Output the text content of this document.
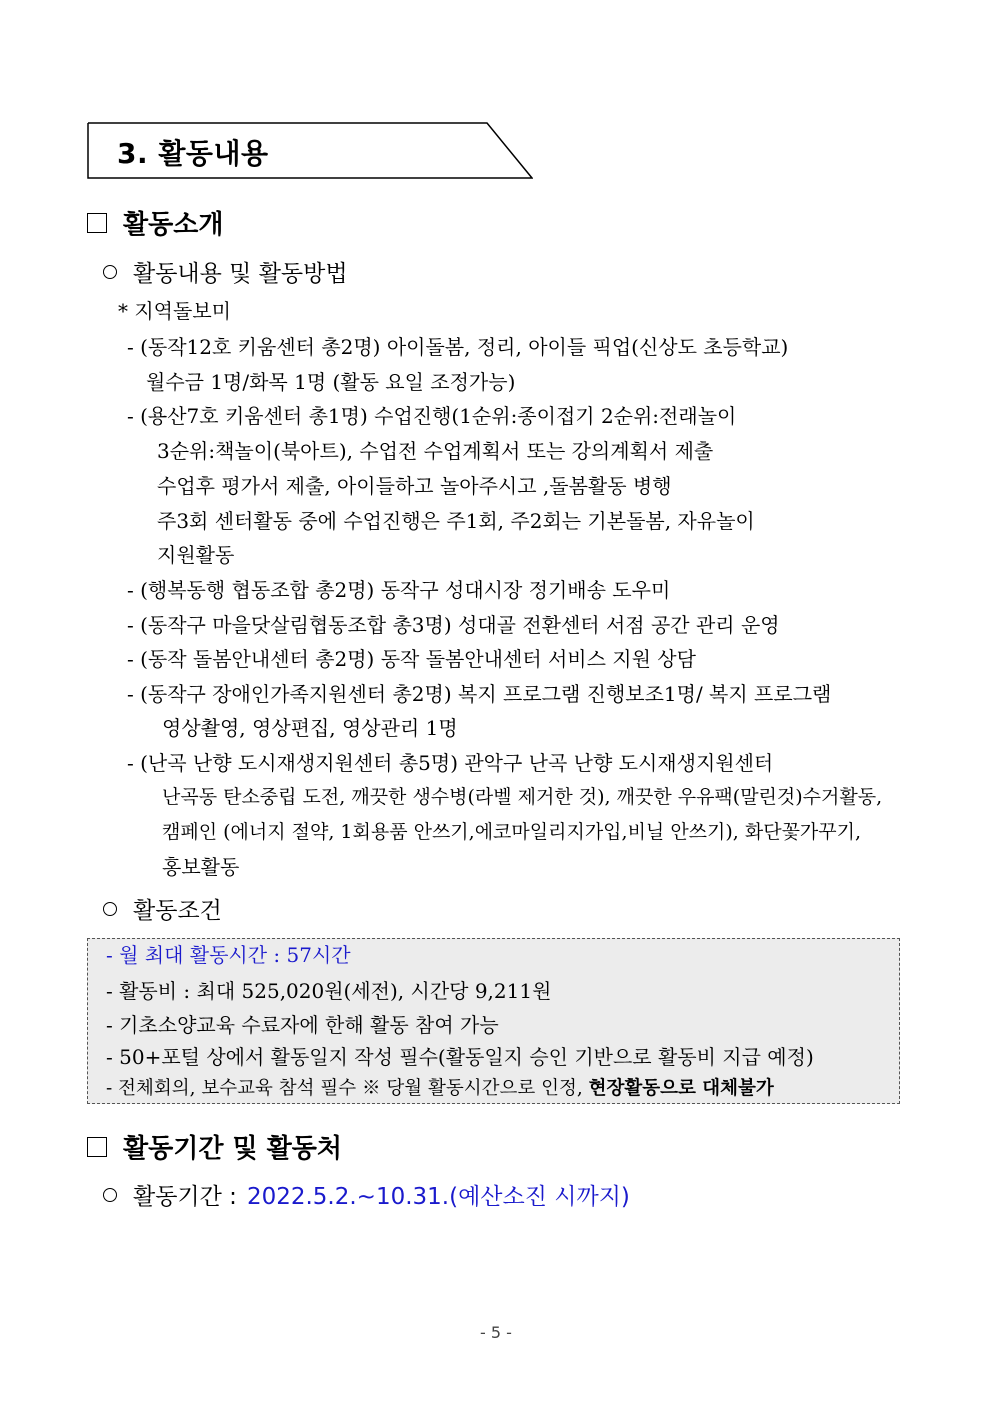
3. 활동내용
활동소개
활동내용 및 활동방법
* 지역돌보미
- (동작12호 키움센터 총2명) 아이돌봄, 정리, 아이들 픽업(신상도 초등학교)
월수금 1명/화목 1명 (활동 요일 조정가능)
- (용산7호 키움센터 총1명) 수업진행(1순위:종이접기 2순위:전래놀이
3순위:책놀이(북아트), 수업전 수업계획서 또는 강의계획서 제출
수업후 평가서 제출, 아이들하고 놀아주시고 ,돌봄활동 병행
주3회 센터활동 중에 수업진행은 주1회, 주2회는 기본돌봄, 자유놀이
지원활동
- (행복동행 협동조합 총2명) 동작구 성대시장 정기배송 도우미
- (동작구 마을닷살림협동조합 총3명) 성대골 전환센터 서점 공간 관리 운영
- (동작 돌봄안내센터 총2명) 동작 돌봄안내센터 서비스 지원 상담
- (동작구 장애인가족지원센터 총2명) 복지 프로그램 진행보조1명/ 복지 프로그램
영상촬영, 영상편집, 영상관리 1명
- (난곡 난향 도시재생지원센터 총5명) 관악구 난곡 난향 도시재생지원센터
난곡동 탄소중립 도전, 깨끗한 생수병(라벨 제거한 것), 깨끗한 우유팩(말린것)수거활동,
캠페인 (에너지 절약, 1회용품 안쓰기,에코마일리지가입,비닐 안쓰기), 화단꽃가꾸기,
홍보활동
활동조건
- 월 최대 활동시간 : 57시간
- 활동비 : 최대 525,020원(세전), 시간당 9,211원
- 기초소양교육 수료자에 한해 활동 참여 가능
- 50+포털 상에서 활동일지 작성 필수(활동일지 승인 기반으로 활동비 지급 예정)
- 전체회의, 보수교육 참석 필수 ※ 당월 활동시간으로 인정, 현장활동으로 대체불가
활동기간 및 활동처
활동기간 : 2022.5.2.~10.31.(예산소진 시까지)
- 5 -
